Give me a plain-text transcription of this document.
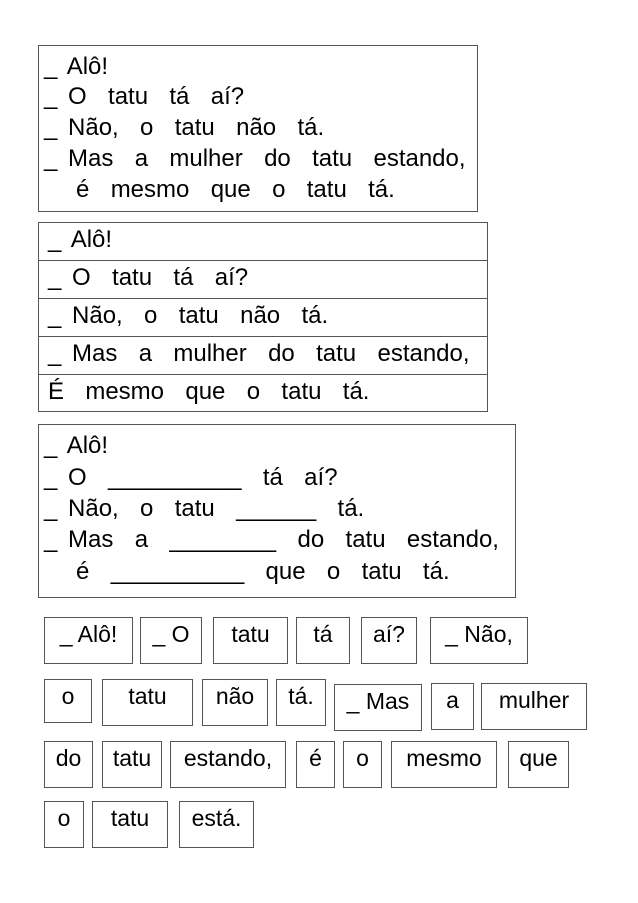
_ Alô!
_ O  tatu  tá  aí?
_ Não,  o  tatu  não  tá.
_ Mas  a  mulher  do  tatu  estando,
é  mesmo  que  o  tatu  tá.
_ Alô!
_ O  tatu  tá  aí?
_ Não,  o  tatu  não  tá.
_ Mas  a  mulher  do  tatu  estando,
É  mesmo  que  o  tatu  tá.
_ Alô!
_ O  __________  tá  aí?
_ Não,  o  tatu  ______  tá.
_ Mas  a  ________  do  tatu  estando,
é  __________  que  o  tatu  tá.
_ Alô!	_ O	tatu	tá	aí?	_ Não,
o	tatu	não	tá.	_ Mas	a	mulher
do	tatu	estando,	é	o	mesmo	que
o	tatu	está.
